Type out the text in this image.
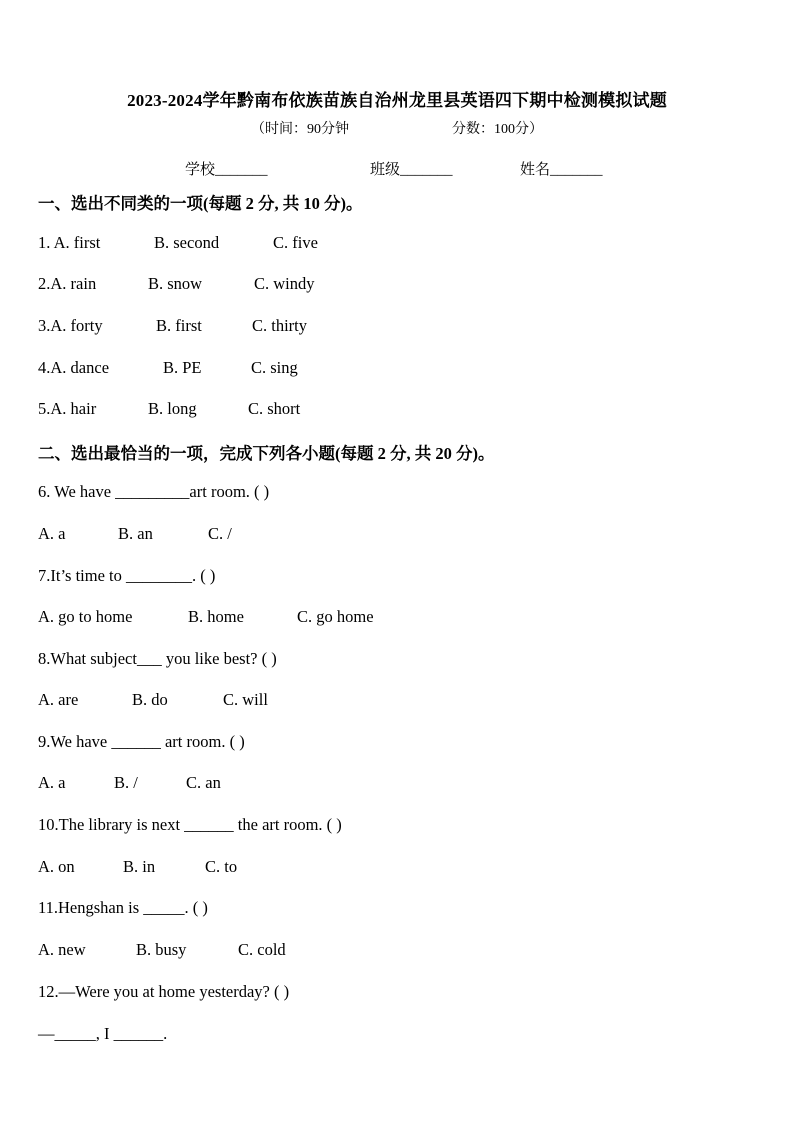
2023-2024学年黔南布依族苗族自治州龙里县英语四下期中检测模拟试题
（时间：90分钟	分数：100分）
学校_______	班级_______	姓名_______
一、选出不同类的一项(每题 2 分, 共 10 分)。
1. A. first	B. second	C. five
2.A. rain	B. snow	C. windy
3.A. forty	B. first	C. thirty
4.A. dance	B. PE	C. sing
5.A. hair	B. long	C. short
二、选出最恰当的一项，完成下列各小题(每题 2 分, 共 20 分)。
6. We have _________art room. ( )
A. a	B. an	C. /
7.It’s time to ________. ( )
A. go to home	B. home	C. go home
8.What subject___ you like best? ( )
A. are	B. do	C. will
9.We have ______ art room. ( )
A. a	B. /	C. an
10.The library is next ______ the art room. ( )
A. on	B. in	C. to
11.Hengshan is _____. ( )
A. new	B. busy	C. cold
12.—Were you at home yesterday? ( )
—_____, I ______.
